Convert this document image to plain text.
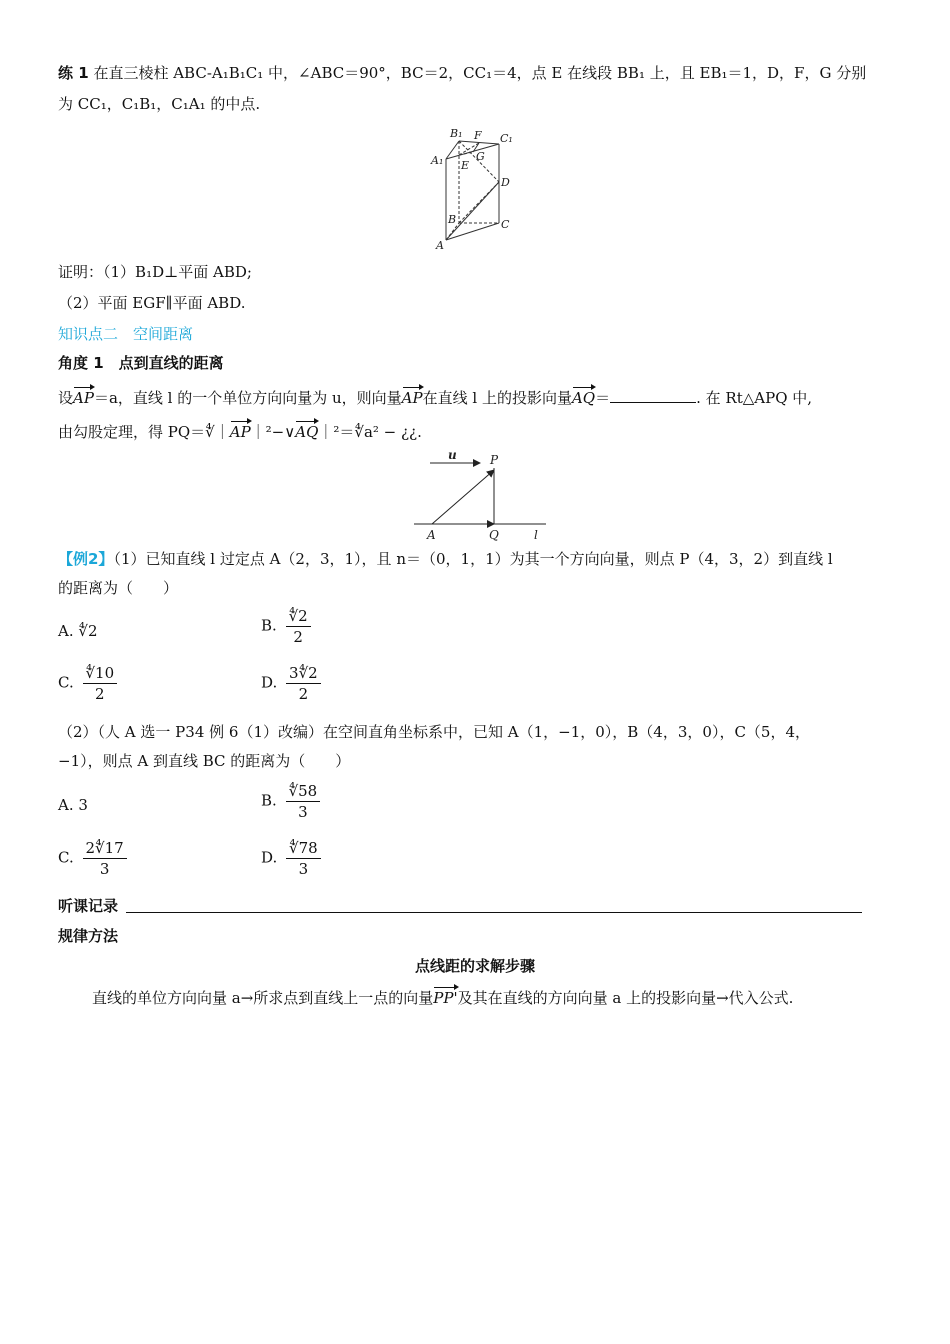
练 1 在直三棱柱 ABC-A₁B₁C₁ 中，∠ABC＝90°，BC＝2，CC₁＝4，点 E 在线段 BB₁ 上，且 EB₁＝1，D，F，G 分别
为 CC₁，C₁B₁，C₁A₁ 的中点.
B₁ F C₁
A₁	G
E
D
B	C
A
证明：（1）B₁D⊥平面 ABD;
（2）平面 EGF∥平面 ABD.
知识点二　空间距离
角度 1　点到直线的距离
设AP＝a，直线 l 的一个单位方向向量为 u，则向量AP在直线 l 上的投影向量AQ＝	. 在 Rt△APQ 中,
由勾股定理，得 PQ＝∜｜AP｜²−∨AQ｜²＝∜a² − ¿¿.
u	P
A	Q	l
【例2】（1）已知直线 l 过定点 A（2，3，1），且 n＝（0，1，1）为其一个方向向量，则点 P（4，3，2）到直线 l
的距离为（　　）
A. ∜2	B. $\frac{∜2}{2}$
C. $\frac{∜10}{2}$	D. $\frac{3∜2}{2}$
（2）（人 A 选一 P34 例 6（1）改编）在空间直角坐标系中，已知 A（1，−1，0），B（4，3，0），C（5，4，
−1），则点 A 到直线 BC 的距离为（　　）
A. 3	B. $\frac{∜58}{3}$
C. $\frac{2∜17}{3}$	D. $\frac{∜78}{3}$
听课记录
规律方法
点线距的求解步骤
直线的单位方向向量 a→所求点到直线上一点的向量PP'及其在直线的方向向量 a 上的投影向量→代入公式.
